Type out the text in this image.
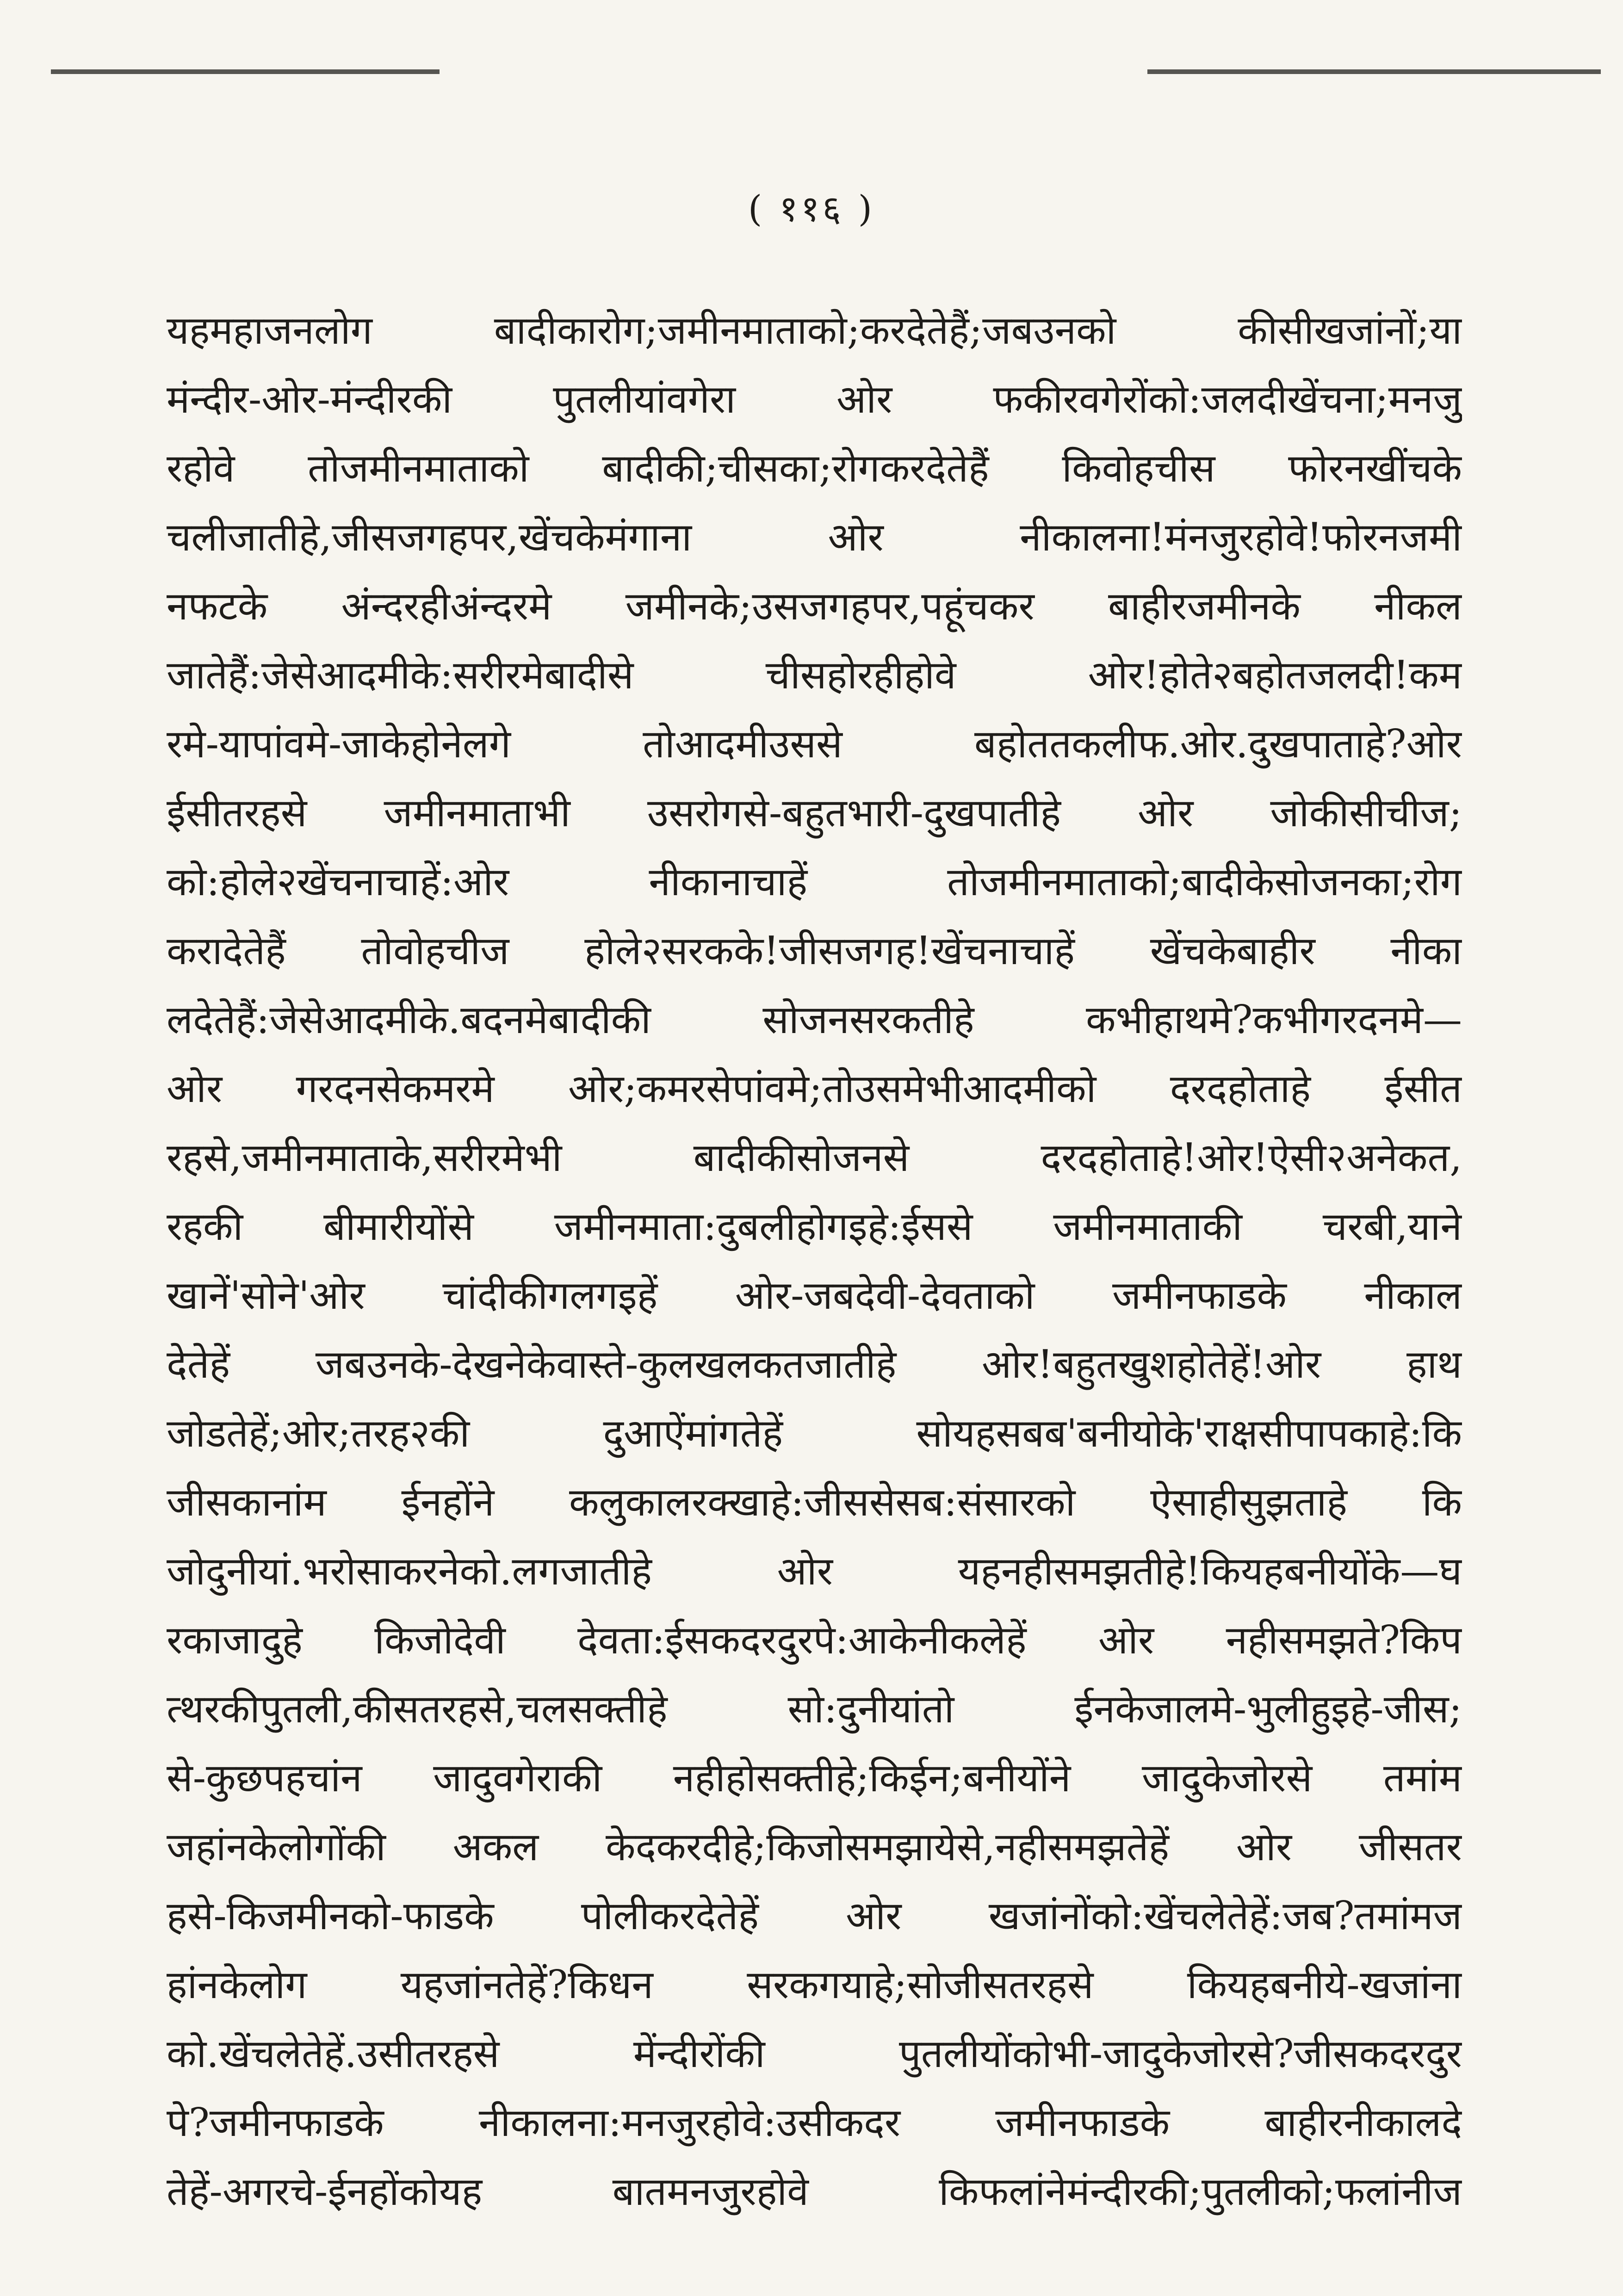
( ११६ )
यहमहाजनलोग बादीकारोग;जमीनमाताको;करदेतेहैं;जबउनको कीसीखजांनों;या
मंन्दीर-ओर-मंन्दीरकी पुतलीयांवगेरा ओर फकीरवगेरोंको:जलदीखेंचना;मनजु
रहोवे तोजमीनमाताको बादीकी;चीसका;रोगकरदेतेहैं किवोहचीस फोरनखींचके
चलीजातीहे,जीसजगहपर,खेंचकेमंगाना ओर नीकालना!मंनजुरहोवे!फोरनजमी
नफटके अंन्दरहीअंन्दरमे जमीनके;उसजगहपर,पहूंचकर बाहीरजमीनके नीकल
जातेहैं:जेसेआदमीके:सरीरमेबादीसे चीसहोरहीहोवे ओर!होते२बहोतजलदी!कम
रमे-यापांवमे-जाकेहोनेलगे तोआदमीउससे बहोततकलीफ.ओर.दुखपाताहे?ओर
ईसीतरहसे जमीनमाताभी उसरोगसे-बहुतभारी-दुखपातीहे ओर जोकीसीचीज;
को:होले२खेंचनाचाहें:ओर नीकानाचाहें तोजमीनमाताको;बादीकेसोजनका;रोग
करादेतेहैं तोवोहचीज होले२सरकके!जीसजगह!खेंचनाचाहें खेंचकेबाहीर नीका
लदेतेहैं:जेसेआदमीके.बदनमेबादीकी सोजनसरकतीहे कभीहाथमे?कभीगरदनमे—
ओर गरदनसेकमरमे ओर;कमरसेपांवमे;तोउसमेभीआदमीको दरदहोताहे ईसीत
रहसे,जमीनमाताके,सरीरमेभी बादीकीसोजनसे दरदहोताहे!ओर!ऐसी२अनेकत,
रहकी बीमारीयोंसे जमीनमाता:दुबलीहोगइहे:ईससे जमीनमाताकी चरबी,याने
खानें'सोने'ओर चांदीकीगलगइहें ओर-जबदेवी-देवताको जमीनफाडके नीकाल
देतेहें जबउनके-देखनेकेवास्ते-कुलखलकतजातीहे ओर!बहुतखुशहोतेहें!ओर हाथ
जोडतेहें;ओर;तरह२की दुआऐंमांगतेहें सोयहसबब'बनीयोके'राक्षसीपापकाहे:कि
जीसकानांम ईनहोंने कलुकालरक्खाहे:जीससेसब:संसारको ऐसाहीसुझताहे कि
जोदुनीयां.भरोसाकरनेको.लगजातीहे ओर यहनहीसमझतीहे!कियहबनीयोंके—घ
रकाजादुहे किजोदेवी देवता:ईसकदरदुरपे:आकेनीकलेहें ओर नहीसमझते?किप
त्थरकीपुतली,कीसतरहसे,चलसक्तीहे सो:दुनीयांतो ईनकेजालमे-भुलीहुइहे-जीस;
से-कुछपहचांन जादुवगेराकी नहीहोसक्तीहे;किईन;बनीयोंने जादुकेजोरसे तमांम
जहांनकेलोगोंकी अकल केदकरदीहे;किजोसमझायेसे,नहीसमझतेहें ओर जीसतर
हसे-किजमीनको-फाडके पोलीकरदेतेहें ओर खजांनोंको:खेंचलेतेहें:जब?तमांमज
हांनकेलोग यहजांनतेहें?किधन सरकगयाहे;सोजीसतरहसे कियहबनीये-खजांना
को.खेंचलेतेहें.उसीतरहसे मेंन्दीरोंकी पुतलीयोंकोभी-जादुकेजोरसे?जीसकदरदुर
पे?जमीनफाडके नीकालना:मनजुरहोवे:उसीकदर जमीनफाडके बाहीरनीकालदे
तेहें-अगरचे-ईनहोंकोयह बातमनजुरहोवे किफलांनेमंन्दीरकी;पुतलीको;फलांनीज
